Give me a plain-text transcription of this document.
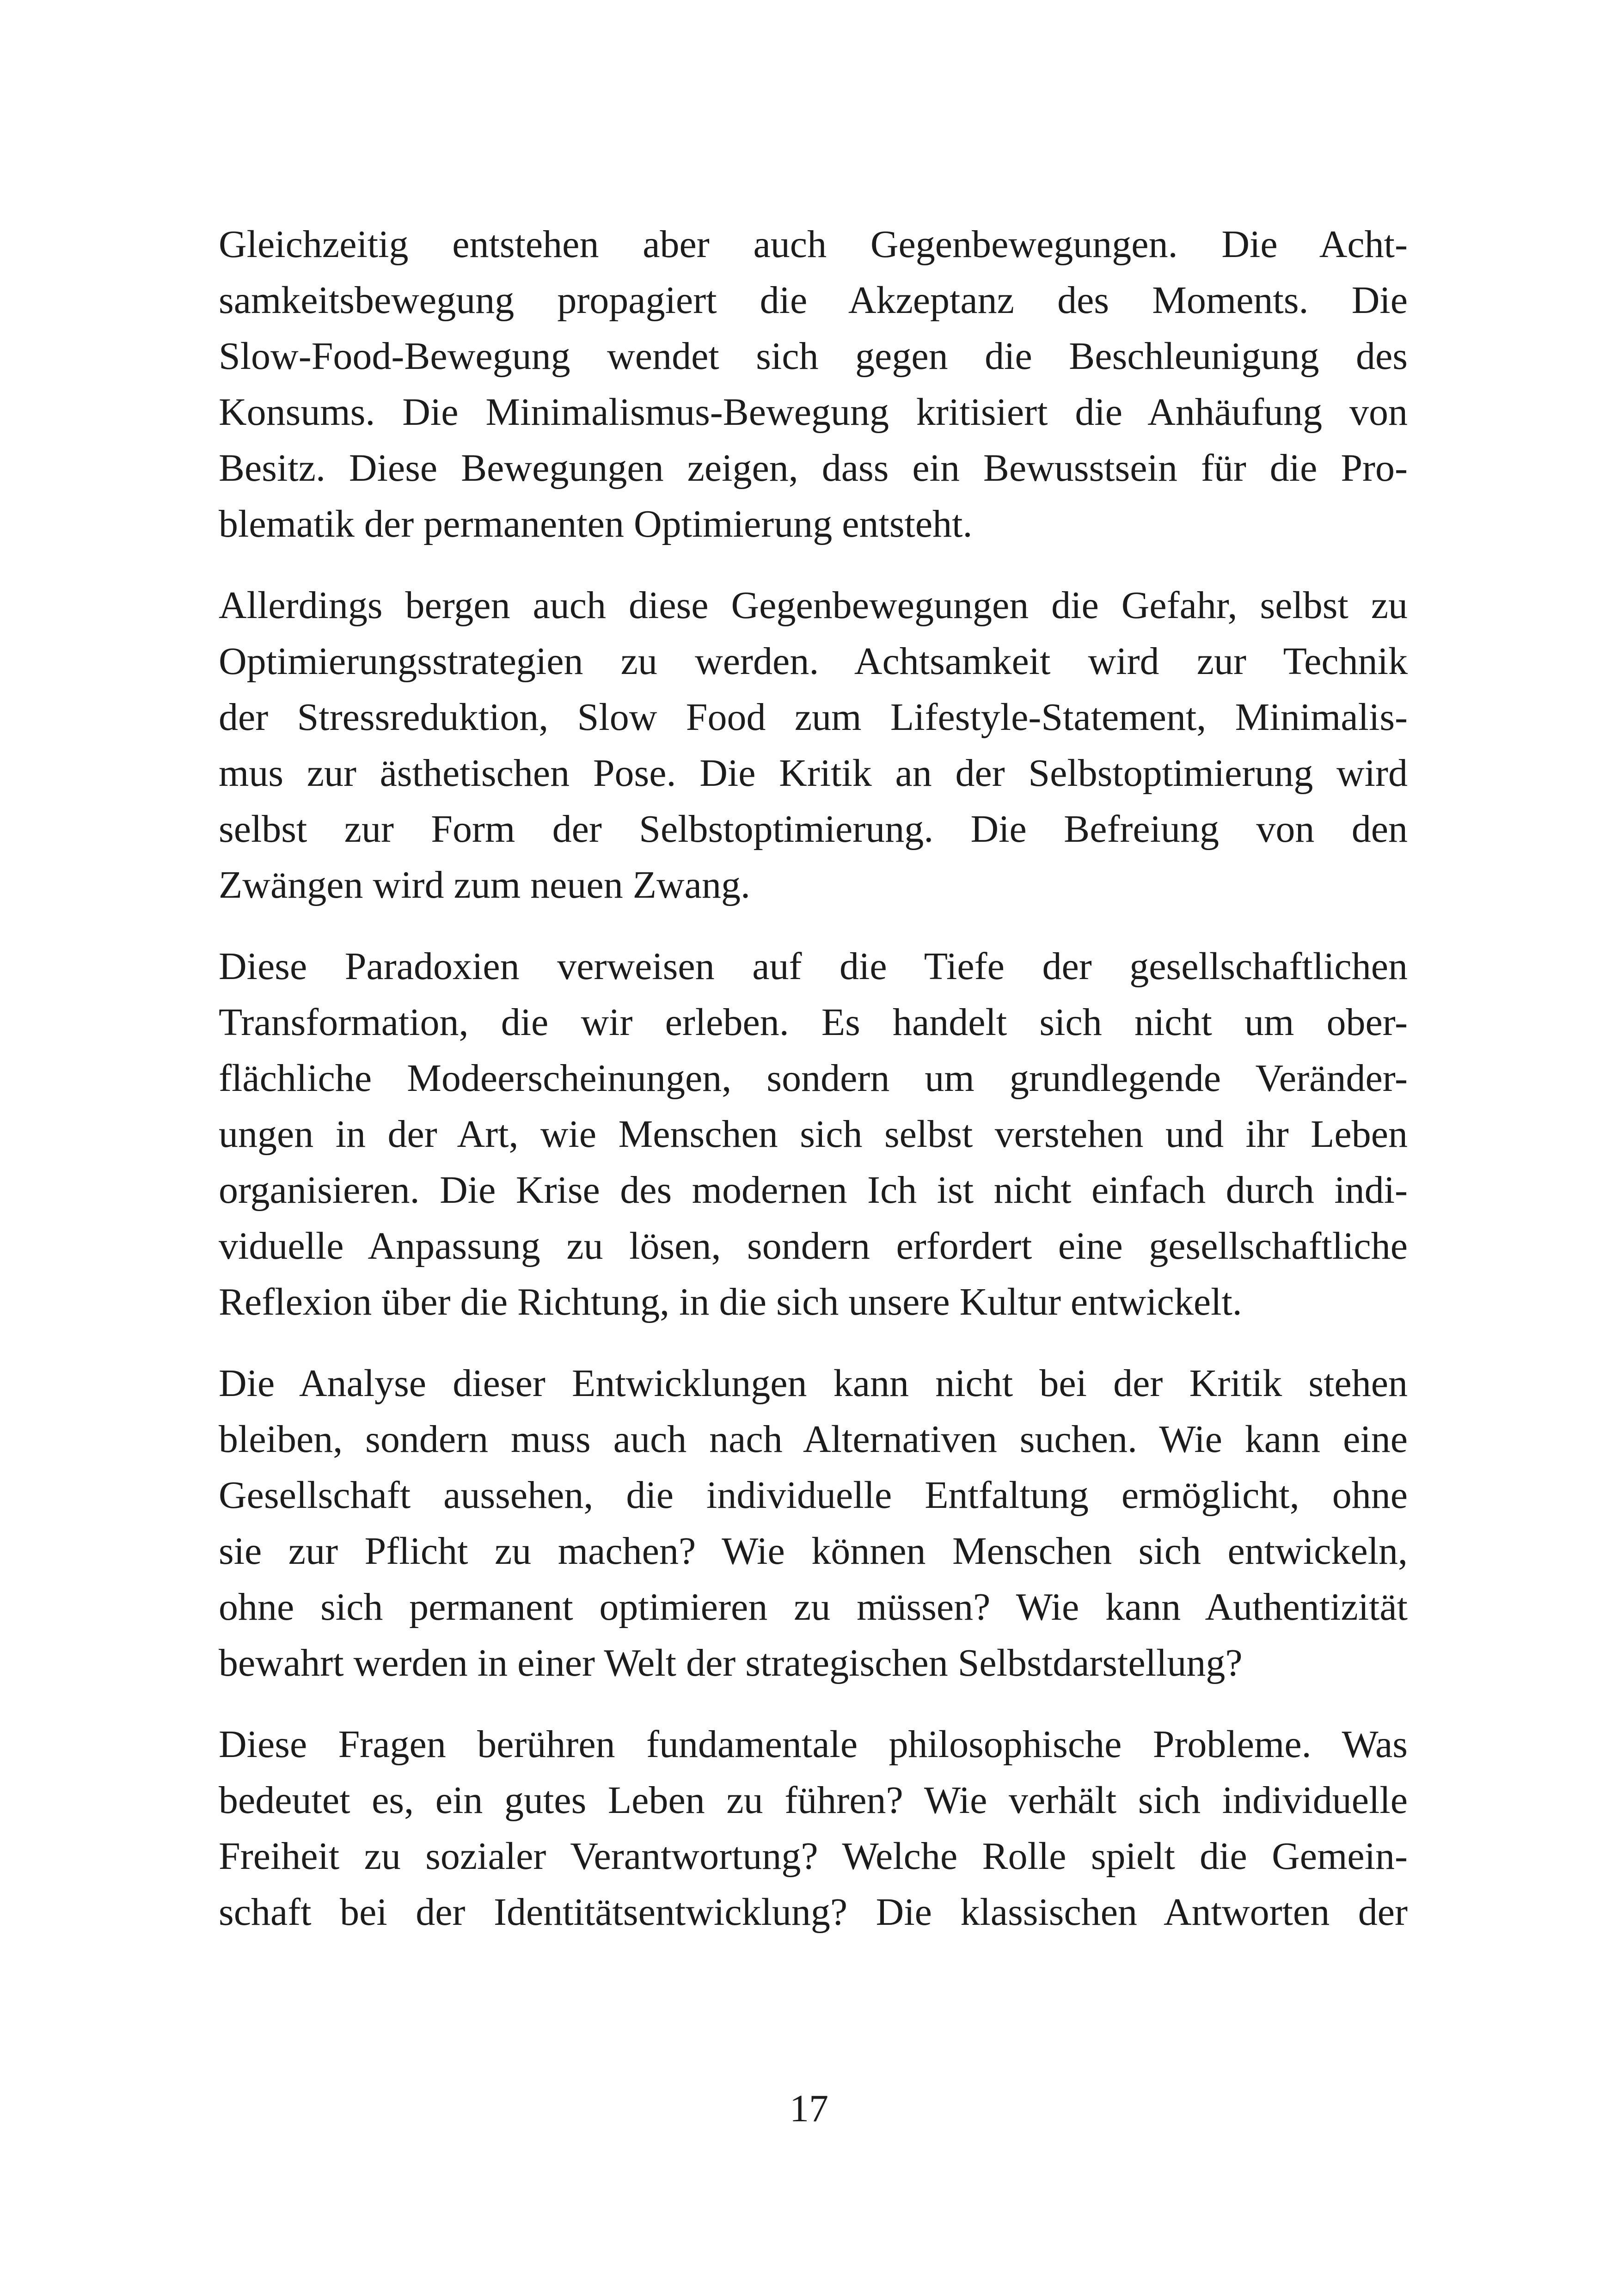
Gleichzeitig entstehen aber auch Gegenbewegungen. Die Acht-
samkeitsbewegung propagiert die Akzeptanz des Moments. Die
Slow-Food-Bewegung wendet sich gegen die Beschleunigung des
Konsums. Die Minimalismus-Bewegung kritisiert die Anhäufung von
Besitz. Diese Bewegungen zeigen, dass ein Bewusstsein für die Pro-
blematik der permanenten Optimierung entsteht.

Allerdings bergen auch diese Gegenbewegungen die Gefahr, selbst zu
Optimierungsstrategien zu werden. Achtsamkeit wird zur Technik
der Stressreduktion, Slow Food zum Lifestyle-Statement, Minimalis-
mus zur ästhetischen Pose. Die Kritik an der Selbstoptimierung wird
selbst zur Form der Selbstoptimierung. Die Befreiung von den
Zwängen wird zum neuen Zwang.

Diese Paradoxien verweisen auf die Tiefe der gesellschaftlichen
Transformation, die wir erleben. Es handelt sich nicht um ober-
flächliche Modeerscheinungen, sondern um grundlegende Veränder-
ungen in der Art, wie Menschen sich selbst verstehen und ihr Leben
organisieren. Die Krise des modernen Ich ist nicht einfach durch indi-
viduelle Anpassung zu lösen, sondern erfordert eine gesellschaftliche
Reflexion über die Richtung, in die sich unsere Kultur entwickelt.

Die Analyse dieser Entwicklungen kann nicht bei der Kritik stehen
bleiben, sondern muss auch nach Alternativen suchen. Wie kann eine
Gesellschaft aussehen, die individuelle Entfaltung ermöglicht, ohne
sie zur Pflicht zu machen? Wie können Menschen sich entwickeln,
ohne sich permanent optimieren zu müssen? Wie kann Authentizität
bewahrt werden in einer Welt der strategischen Selbstdarstellung?

Diese Fragen berühren fundamentale philosophische Probleme. Was
bedeutet es, ein gutes Leben zu führen? Wie verhält sich individuelle
Freiheit zu sozialer Verantwortung? Welche Rolle spielt die Gemein-
schaft bei der Identitätsentwicklung? Die klassischen Antworten der

17
